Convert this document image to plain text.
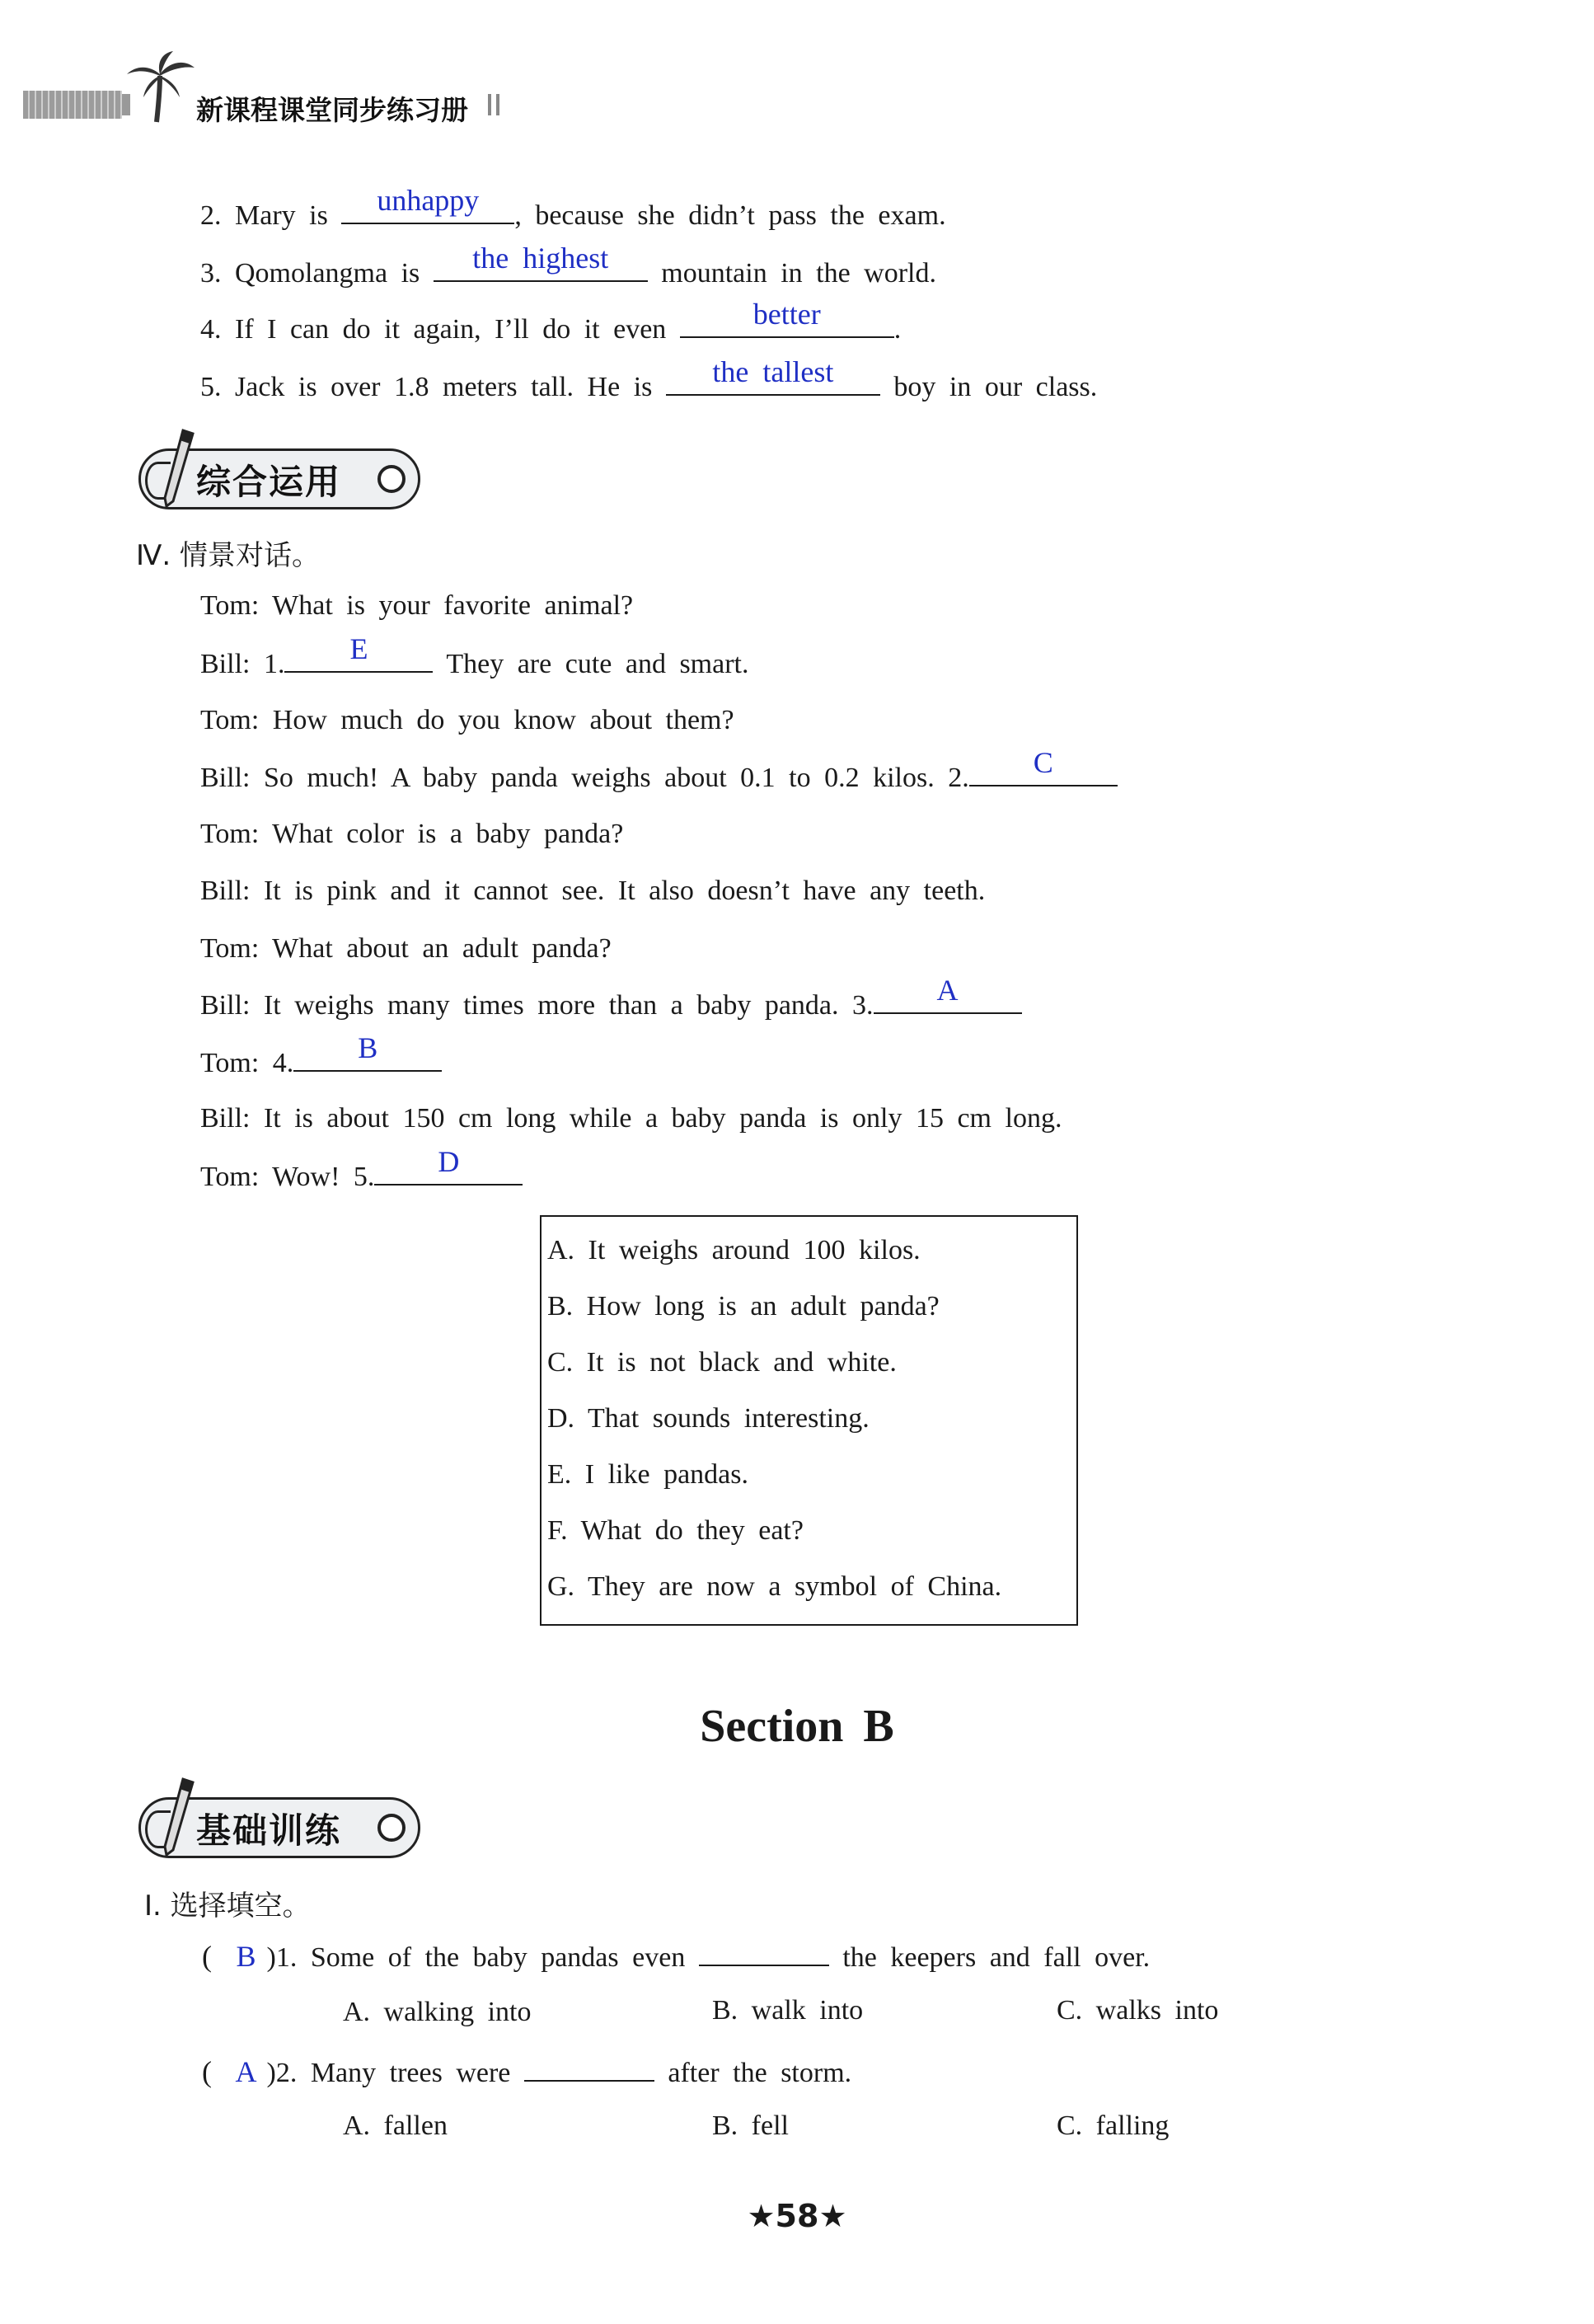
新课程课堂同步练习册
2. Mary is	unhappy	, because she didn’t pass the exam.
3. Qomolangma is	the highest	mountain in the world.
4. If I can do it again, I’ll do it even	better	.
5. Jack is over 1.8 meters tall. He is	the tallest	boy in our class.
综合运用
Ⅳ. 情景对话。
Tom: What is your favorite animal?
Bill: 1.	E	They are cute and smart.
Tom: How much do you know about them?
Bill: So much! A baby panda weighs about 0.1 to 0.2 kilos. 2.	C
Tom: What color is a baby panda?
Bill: It is pink and it cannot see. It also doesn’t have any teeth.
Tom: What about an adult panda?
Bill: It weighs many times more than a baby panda. 3.	A
Tom: 4.	B
Bill: It is about 150 cm long while a baby panda is only 15 cm long.
Tom: Wow! 5.	D
A. It weighs around 100 kilos.
B. How long is an adult panda?
C. It is not black and white.
D. That sounds interesting.
E. I like pandas.
F. What do they eat?
G. They are now a symbol of China.
Section B
基础训练
Ⅰ. 选择填空。
( B )1. Some of the baby pandas even	the keepers and fall over.
A. walking into	B. walk into	C. walks into
( A )2. Many trees were	after the storm.
A. fallen	B. fell	C. falling
★58★
